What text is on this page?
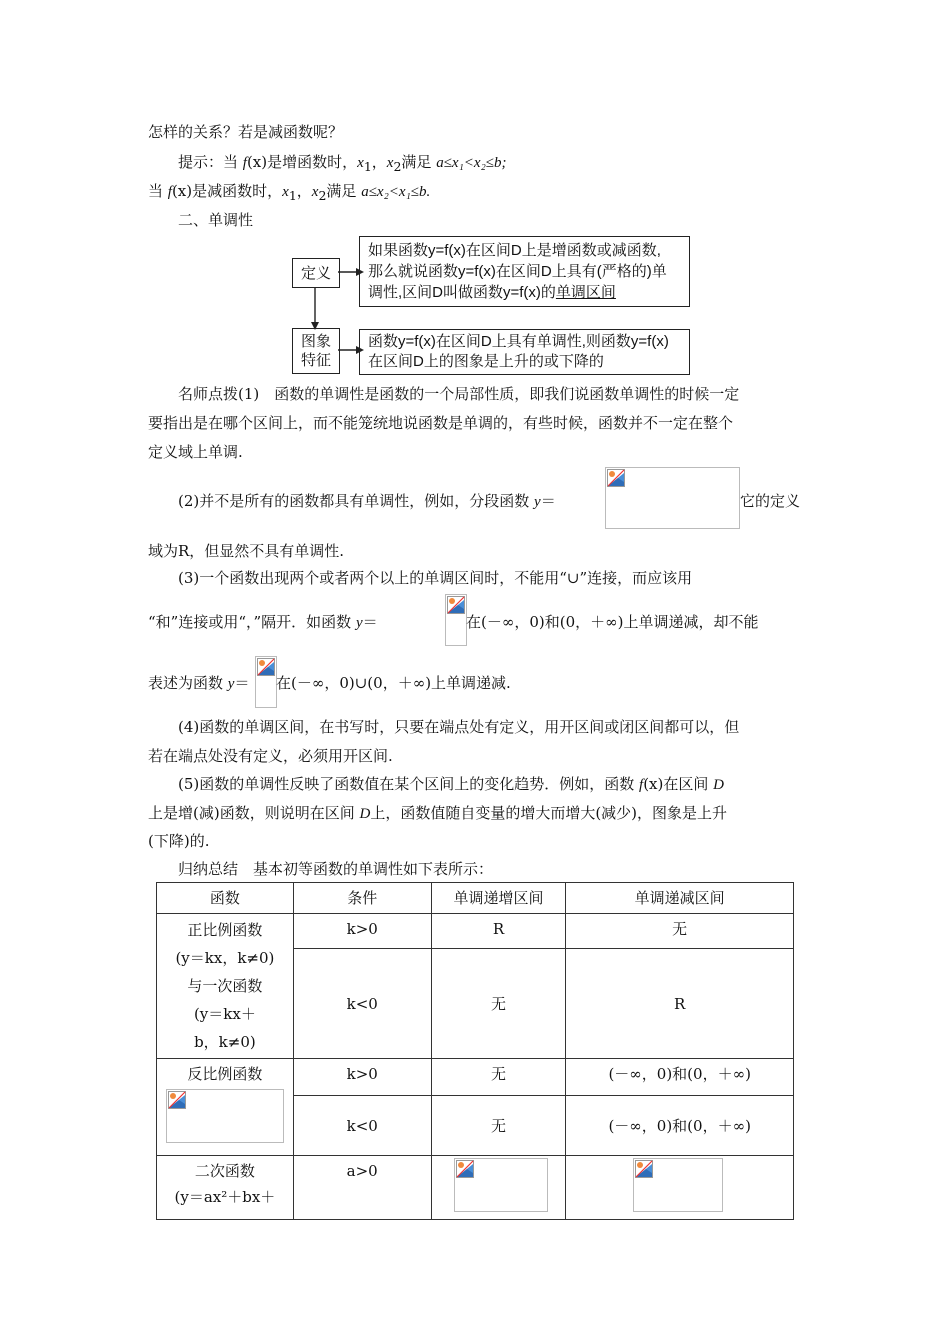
怎样的关系？若是减函数呢？
提示：当 f(x)是增函数时，$x_1$，$x_2$满足 a≤x₁<x₂≤b;
当 f(x)是减函数时，$x_1$，$x_2$满足 a≤x₂<x₁≤b.
二、单调性
定义
图象
特征
如果函数y=f(x)在区间D上是增函数或减函数,
那么就说函数y=f(x)在区间D上具有(严格的)单
调性,区间D叫做函数y=f(x)的单调区间
函数y=f(x)在区间D上具有单调性,则函数y=f(x)
在区间D上的图象是上升的或下降的
名师点拨(1)　函数的单调性是函数的一个局部性质，即我们说函数单调性的时候一定
要指出是在哪个区间上，而不能笼统地说函数是单调的，有些时候，函数并不一定在整个
定义域上单调.
(2)并不是所有的函数都具有单调性，例如，分段函数 y＝	它的定义
域为R，但显然不具有单调性.
(3)一个函数出现两个或者两个以上的单调区间时，不能用“∪”连接，而应该用
“和”连接或用“，”隔开．如函数 y＝	在(－∞，0)和(0，＋∞)上单调递减，却不能
表述为函数 y＝ 在(－∞，0)∪(0，＋∞)上单调递减.
(4)函数的单调区间，在书写时，只要在端点处有定义，用开区间或闭区间都可以，但
若在端点处没有定义，必须用开区间.
(5)函数的单调性反映了函数值在某个区间上的变化趋势．例如，函数 f(x)在区间 D
上是增(减)函数，则说明在区间 D上，函数值随自变量的增大而增大(减少)，图象是上升
(下降)的.
归纳总结　基本初等函数的单调性如下表所示：
函数	条件	单调递增区间	单调递减区间

正比例函数
(y＝kx，k≠0)
与一次函数
(y＝kx＋
b，k≠0)	k>0	R	无
	k<0	无	R

反比例函数	k>0	无	(－∞，0)和(0，＋∞)
	k<0	无	(－∞，0)和(0，＋∞)

二次函数
(y＝ax²＋bx＋	a>0	
